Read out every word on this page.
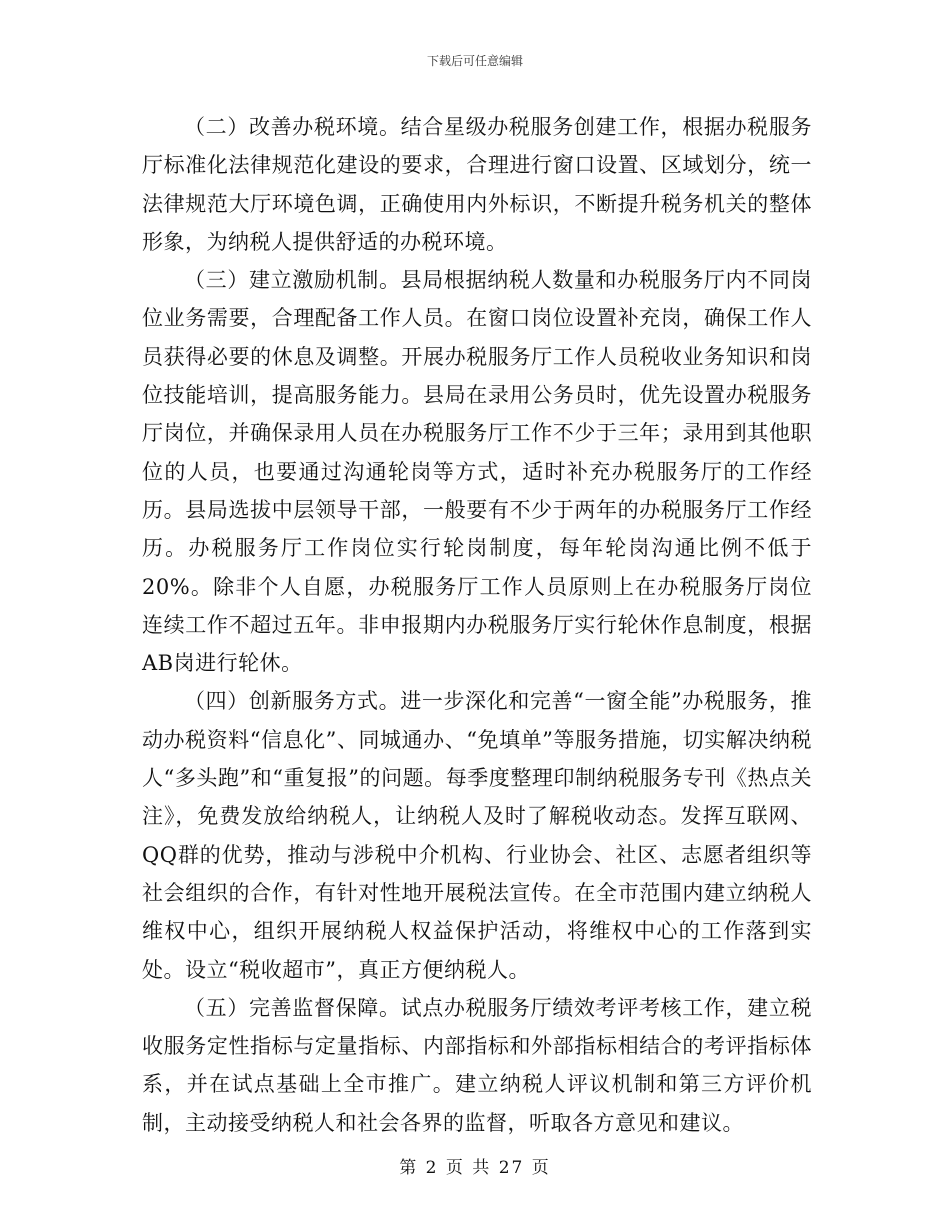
下载后可任意编辑

（二）改善办税环境。结合星级办税服务创建工作，根据办税服务厅标准化法律规范化建设的要求，合理进行窗口设置、区域划分，统一法律规范大厅环境色调，正确使用内外标识，不断提升税务机关的整体形象，为纳税人提供舒适的办税环境。

（三）建立激励机制。县局根据纳税人数量和办税服务厅内不同岗位业务需要，合理配备工作人员。在窗口岗位设置补充岗，确保工作人员获得必要的休息及调整。开展办税服务厅工作人员税收业务知识和岗位技能培训，提高服务能力。县局在录用公务员时，优先设置办税服务厅岗位，并确保录用人员在办税服务厅工作不少于三年；录用到其他职位的人员，也要通过沟通轮岗等方式，适时补充办税服务厅的工作经历。县局选拔中层领导干部，一般要有不少于两年的办税服务厅工作经历。办税服务厅工作岗位实行轮岗制度，每年轮岗沟通比例不低于20%。除非个人自愿，办税服务厅工作人员原则上在办税服务厅岗位连续工作不超过五年。非申报期内办税服务厅实行轮休作息制度，根据AB岗进行轮休。

（四）创新服务方式。进一步深化和完善“一窗全能”办税服务，推动办税资料“信息化”、同城通办、“免填单”等服务措施，切实解决纳税人“多头跑”和“重复报”的问题。每季度整理印制纳税服务专刊《热点关注》，免费发放给纳税人，让纳税人及时了解税收动态。发挥互联网、QQ群的优势，推动与涉税中介机构、行业协会、社区、志愿者组织等社会组织的合作，有针对性地开展税法宣传。在全市范围内建立纳税人维权中心，组织开展纳税人权益保护活动，将维权中心的工作落到实处。设立“税收超市”，真正方便纳税人。

（五）完善监督保障。试点办税服务厅绩效考评考核工作，建立税收服务定性指标与定量指标、内部指标和外部指标相结合的考评指标体系，并在试点基础上全市推广。建立纳税人评议机制和第三方评价机制，主动接受纳税人和社会各界的监督，听取各方意见和建议。

第 2 页 共 27 页
